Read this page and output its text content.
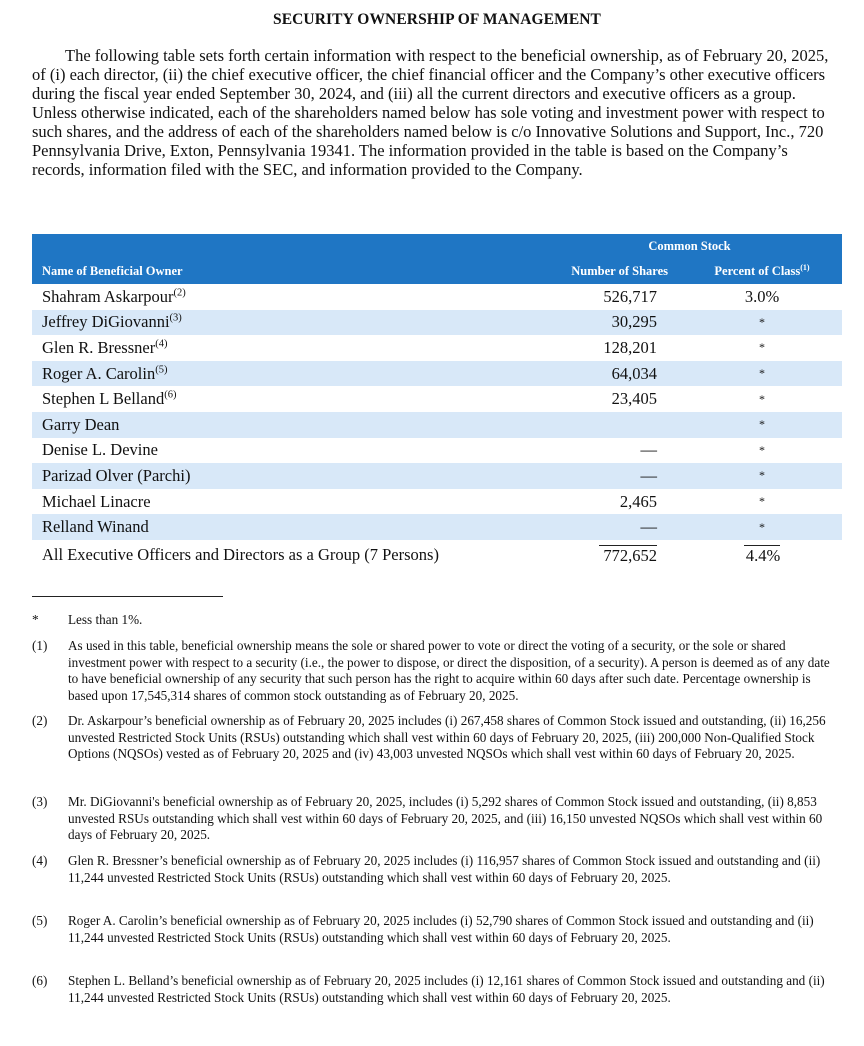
SECURITY OWNERSHIP OF MANAGEMENT

The following table sets forth certain information with respect to the beneficial ownership, as of February 20, 2025, of (i) each director, (ii) the chief executive officer, the chief financial officer and the Company’s other executive officers during the fiscal year ended September 30, 2024, and (iii) all the current directors and executive officers as a group. Unless otherwise indicated, each of the shareholders named below has sole voting and investment power with respect to such shares, and the address of each of the shareholders named below is c/o Innovative Solutions and Support, Inc., 720 Pennsylvania Drive, Exton, Pennsylvania 19341. The information provided in the table is based on the Company’s records, information filed with the SEC, and information provided to the Company.

	Common Stock	
Name of Beneficial Owner	Number of Shares	Percent of Class$^{(1)}$
Shahram Askarpour$^{(2)}$	526,717	3.0%
Jeffrey DiGiovanni$^{(3)}$	30,295	*
Glen R. Bressner$^{(4)}$	128,201	*
Roger A. Carolin$^{(5)}$	64,034	*
Stephen L Belland$^{(6)}$	23,405	*
Garry Dean		*
Denise L. Devine	—	*
Parizad Olver (Parchi)	—	*
Michael Linacre	2,465	*
Relland Winand	—	*
All Executive Officers and Directors as a Group (7 Persons)	772,652	4.4%

* Less than 1%.

(1) As used in this table, beneficial ownership means the sole or shared power to vote or direct the voting of a security, or the sole or shared investment power with respect to a security (i.e., the power to dispose, or direct the disposition, of a security). A person is deemed as of any date to have beneficial ownership of any security that such person has the right to acquire within 60 days after such date. Percentage ownership is based upon 17,545,314 shares of common stock outstanding as of February 20, 2025.

(2) Dr. Askarpour’s beneficial ownership as of February 20, 2025 includes (i) 267,458 shares of Common Stock issued and outstanding, (ii) 16,256 unvested Restricted Stock Units (RSUs) outstanding which shall vest within 60 days of February 20, 2025, (iii) 200,000 Non-Qualified Stock Options (NQSOs) vested as of February 20, 2025 and (iv) 43,003 unvested NQSOs which shall vest within 60 days of February 20, 2025.

(3) Mr. DiGiovanni's beneficial ownership as of February 20, 2025, includes (i) 5,292 shares of Common Stock issued and outstanding, (ii) 8,853 unvested RSUs outstanding which shall vest within 60 days of February 20, 2025, and (iii) 16,150 unvested NQSOs which shall vest within 60 days of February 20, 2025.

(4) Glen R. Bressner’s beneficial ownership as of February 20, 2025 includes (i) 116,957 shares of Common Stock issued and outstanding and (ii) 11,244 unvested Restricted Stock Units (RSUs) outstanding which shall vest within 60 days of February 20, 2025.

(5) Roger A. Carolin’s beneficial ownership as of February 20, 2025 includes (i) 52,790 shares of Common Stock issued and outstanding and (ii) 11,244 unvested Restricted Stock Units (RSUs) outstanding which shall vest within 60 days of February 20, 2025.

(6) Stephen L. Belland’s beneficial ownership as of February 20, 2025 includes (i) 12,161 shares of Common Stock issued and outstanding and (ii) 11,244 unvested Restricted Stock Units (RSUs) outstanding which shall vest within 60 days of February 20, 2025.
